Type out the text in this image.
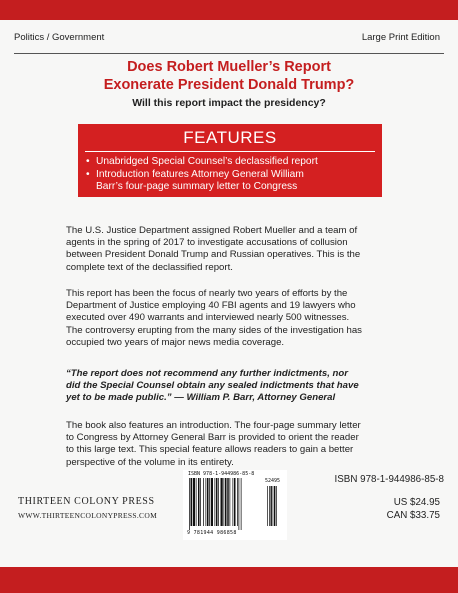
Politics / Government	Large Print Edition
Does Robert Mueller’s Report
Exonerate President Donald Trump?
Will this report impact the presidency?
FEATURES
• Unabridged Special Counsel’s declassified report
• Introduction features Attorney General William
Barr’s four-page summary letter to Congress
The U.S. Justice Department assigned Robert Mueller and a team of
agents in the spring of 2017 to investigate accusations of collusion
between President Donald Trump and Russian operatives. This is the
complete text of the declassified report.
This report has been the focus of nearly two years of efforts by the
Department of Justice employing 40 FBI agents and 19 lawyers who
executed over 490 warrants and interviewed nearly 500 witnesses.
The controversy erupting from the many sides of the investigation has
occupied two years of major news media coverage.
“The report does not recommend any further indictments, nor
did the Special Counsel obtain any sealed indictments that have
yet to be made public.” — William P. Barr, Attorney General
The book also features an introduction. The four-page summary letter
to Congress by Attorney General Barr is provided to orient the reader
to this large text. This special feature allows readers to gain a better
perspective of the volume in its entirety.
THIRTEEN COLONY PRESS
WWW.THIRTEENCOLONYPRESS.COM
ISBN 978-1-944986-85-8
52495
9 781944 986858
ISBN 978-1-944986-85-8
US $24.95
CAN $33.75
